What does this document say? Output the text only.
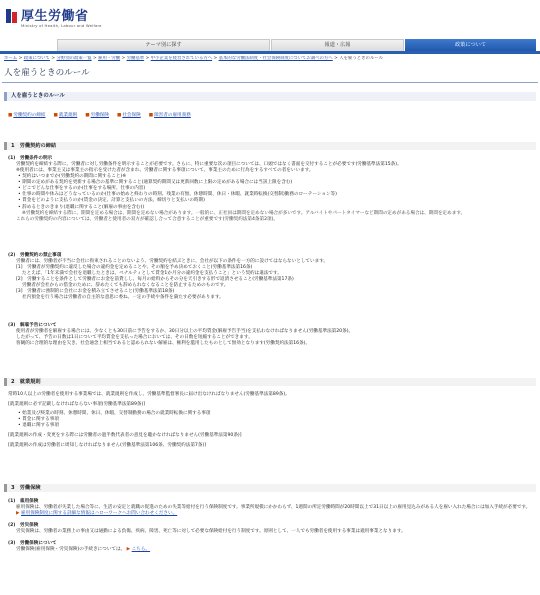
厚生労働省
Ministry of Health, Labour and Welfare
テーマ別に探す	報道・広報	政策について
ホーム > 政策について > 分野別の政策一覧 > 雇用・労働 > 労働基準 > 中小企業を経営されている方へ > 基本的な労働法制度・社会保険制度についてお調べの方へ > 人を雇うときのルール
人を雇うときのルール
人を雇うときのルール
■労働契約の締結 ■就業規則 ■労働保険 ■社会保険 ■障害者の雇用義務
1　労働契約の締結
(1)　労働条件の明示
労働契約を締結する際に、労働者に対し労働条件を明示することが必要です。さらに、特に重要な次の項目については、口頭ではなく書面を交付することが必要です(労働基準法第15条)。
※使用者には、事業主又は事業主の指示を受けた者が含まれ、労働者に関する事項について、事業主のために行為をするすべての者をいいます。
• 契約はいつまでか(労働契約の期間に関すること)※
• 期間の定めがある契約を更新する場合の基準に関すること(通算契約期間又は更新回数に上限の定めがある場合には当該上限を含む)
• どこでどんな仕事をするのか(仕事をする場所、仕事の内容)
• 仕事の時間や休みはどうなっているのか(仕事の始めと終わりの時刻、残業の有無、休憩時間、休日・休暇、就業時転換(交替制)勤務のローテーション等)
• 賃金をどのように支払うのか(賃金の決定、計算と支払いの方法、締切りと支払いの時期)
• 辞めるときのきまり(退職に関すること(解雇の事由を含む))
※労働契約を締結する際に、期間を定める場合は、期間を定めない場合があります。一般的に、正社員は期間を定めない場合が多いです。アルバイトやパートタイマーなど期間の定めがある場合は、期間を定めます。
これらの労働契約の内容については、労働者と使用者の双方が確認し合って合意することが重要です(労働契約法第4条第2項)。
(2)　労働契約の禁止事項
労働者には、労働者が不当に会社に拘束されることのないよう、労働契約を結ぶときに、会社が以下の条件を一方的に設けてはならないとしています。
[1]　労働者が労働契約に違反した場合の違約金を定めることや、その額を予め決めておくこと(労働基準法第16条)
たとえば、「1年未満で会社を退職したときは、ペナルティとして賃金1か月分の違約金を支払うこと」という契約は違法です。
[2]　労働することを条件として労働者にお金を前貸しし、毎月の給料からその分を天引きする形で返済させること(労働基準法第17条)
労働者が会社からの借金のために、辞めたくても辞められなくなることを防止するためのものです。
[3]　労働者に強制的に会社にお金を積み立てさせること(労働基準法第18条)
社内預金を行う場合は労働者の自主的な意思に委ね、一定の手続や条件を満たす必要があります。
(3)　解雇予告について
使用者が労働者を解雇する場合には、少なくとも30日前に予告をするか、30日分以上の平均賃金(解雇予告手当)を支払わなければなりません(労働基準法第20条)。
したがって、予告の日数は1日について平均賃金を支払った場合においては、その日数を短縮することができます。
客観的に合理的な理由を欠き、社会通念上相当であると認められない解雇は、権利を濫用したものとして無効となります(労働契約法第16条)。
2　就業規則
常時10人以上の労働者を使用する事業場では、就業規則を作成し、労働基準監督署長に届け出なければなりません(労働基準法第89条)。
[就業規則に必ず記載しなければならない事項(労働基準法第89条)]
• 始業及び終業の時刻、休憩時間、休日、休暇、交替制勤務の場合の就業時転換に関する事項
• 賃金に関する事項
• 退職に関する事項
[就業規則の作成・変更をする際には労働者の過半数代表者の意見を聴かなければなりません(労働基準法第90条)]
[就業規則の作成は労働者に周知しなければなりません(労働基準法第106条、労働契約法第7条)]
3　労働保険
(1)　雇用保険
雇用保険は、労働者が失業した場合等に、生活の安定と就職の促進のための失業等給付を行う保険制度です。事業所規模にかかわらず、1週間の所定労働時間が20時間以上で31日以上の雇用見込みがある人を雇い入れた場合には加入手続が必要です。
▶ 雇用保険制度に関する詳細な情報はハローワークへお問い合わせください。
(2)　労災保険
労災保険は、労働者の業務上の事由又は通勤による負傷、疾病、障害、死亡等に対して必要な保険給付を行う制度です。原則として、一人でも労働者を使用する事業は適用事業となります。
(3)　労働保険について
労働保険(雇用保険・労災保険)の手続きについては、 ▶ こちら。
